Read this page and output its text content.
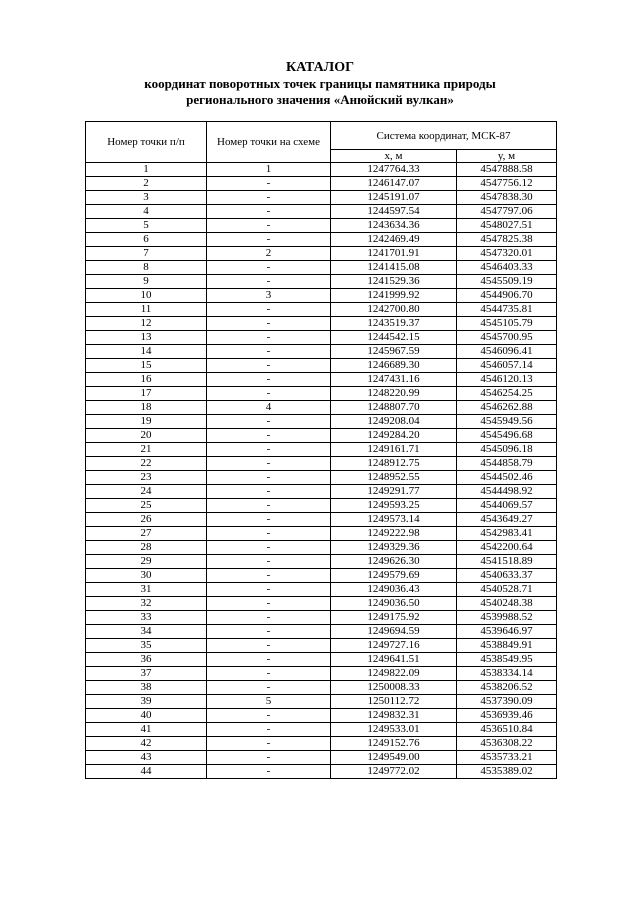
КАТАЛОГ
координат поворотных точек границы памятника природы
регионального значения «Анюйский вулкан»
Номер точки п/п	Номер точки на схеме	Система координат, МСК-87	
		x, м	y, м
1	1	1247764.33	4547888.58
2	-	1246147.07	4547756.12
3	-	1245191.07	4547838.30
4	-	1244597.54	4547797.06
5	-	1243634.36	4548027.51
6	-	1242469.49	4547825.38
7	2	1241701.91	4547320.01
8	-	1241415.08	4546403.33
9	-	1241529.36	4545509.19
10	3	1241999.92	4544906.70
11	-	1242700.80	4544735.81
12	-	1243519.37	4545105.79
13	-	1244542.15	4545700.95
14	-	1245967.59	4546096.41
15	-	1246689.30	4546057.14
16	-	1247431.16	4546120.13
17	-	1248220.99	4546254.25
18	4	1248807.70	4546262.88
19	-	1249208.04	4545949.56
20	-	1249284.20	4545496.68
21	-	1249161.71	4545096.18
22	-	1248912.75	4544858.79
23	-	1248952.55	4544502.46
24	-	1249291.77	4544498.92
25	-	1249593.25	4544069.57
26	-	1249573.14	4543649.27
27	-	1249222.98	4542983.41
28	-	1249329.36	4542200.64
29	-	1249626.30	4541518.89
30	-	1249579.69	4540633.37
31	-	1249036.43	4540528.71
32	-	1249036.50	4540248.38
33	-	1249175.92	4539988.52
34	-	1249694.59	4539646.97
35	-	1249727.16	4538849.91
36	-	1249641.51	4538549.95
37	-	1249822.09	4538334.14
38	-	1250008.33	4538206.52
39	5	1250112.72	4537390.09
40	-	1249832.31	4536939.46
41	-	1249533.01	4536510.84
42	-	1249152.76	4536308.22
43	-	1249549.00	4535733.21
44	-	1249772.02	4535389.02
